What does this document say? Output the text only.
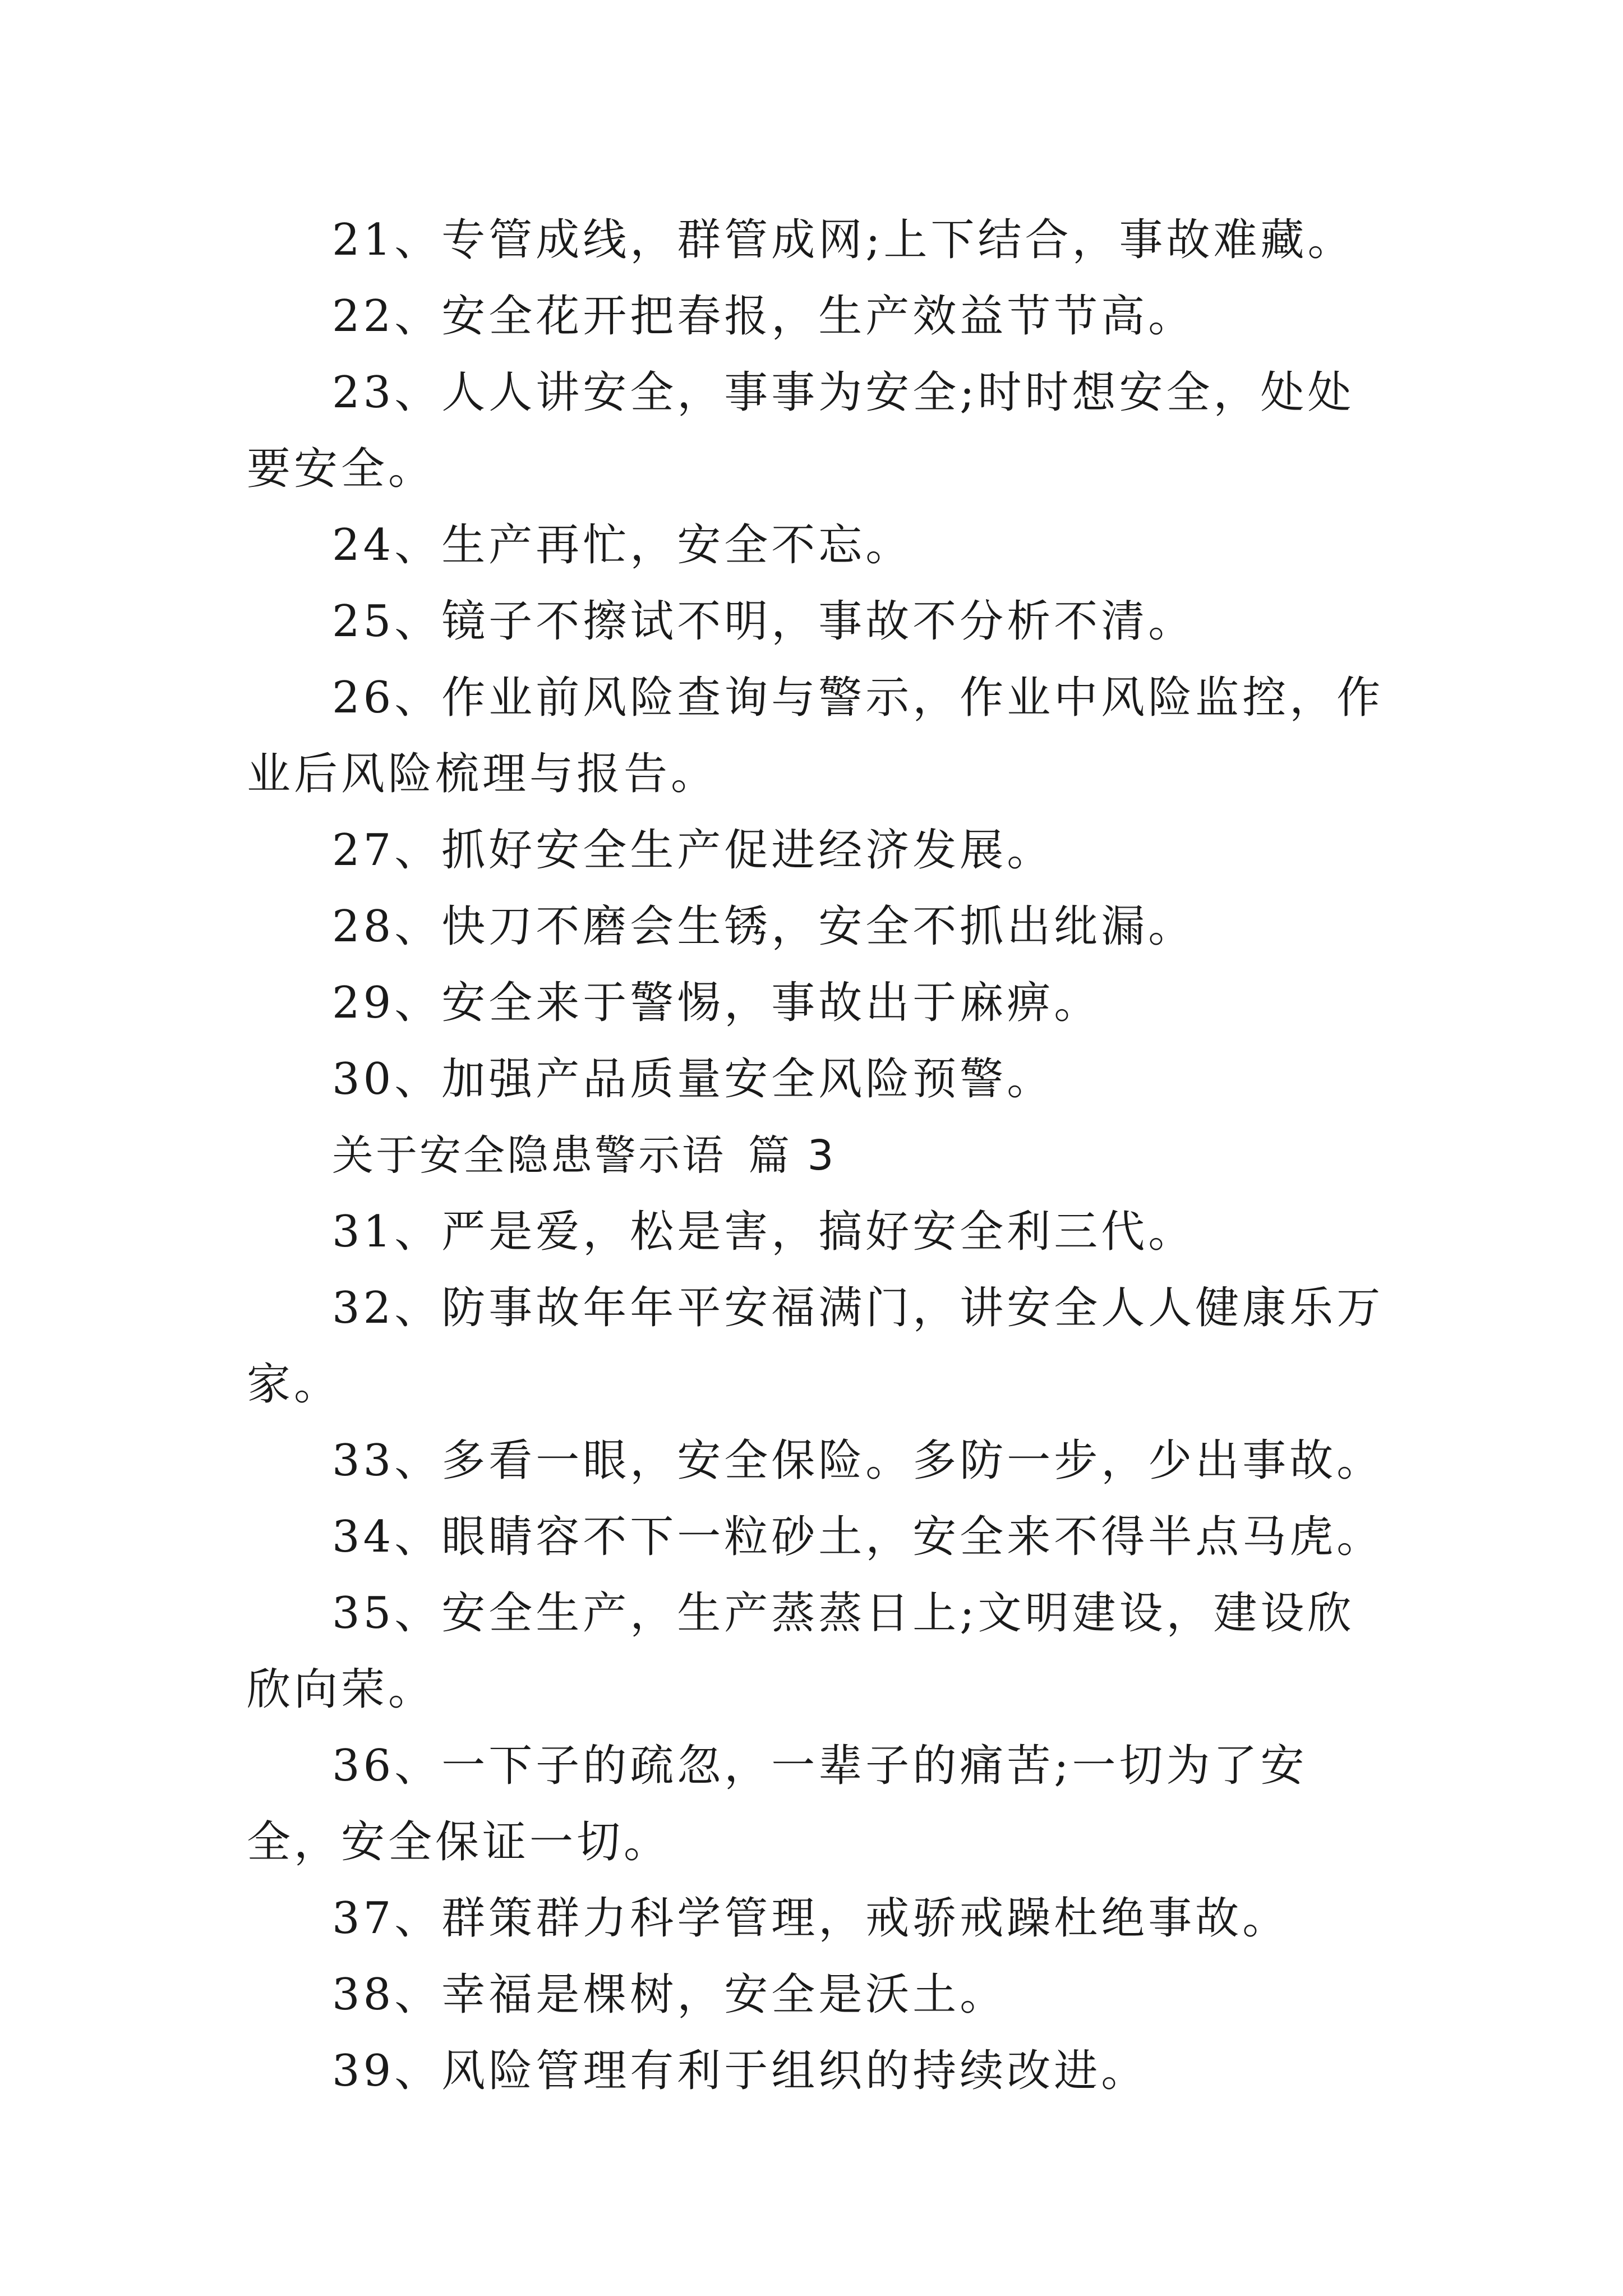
21、专管成线，群管成网;上下结合，事故难藏。

22、安全花开把春报，生产效益节节高。

23、人人讲安全，事事为安全;时时想安全，处处要安全。

24、生产再忙，安全不忘。

25、镜子不擦试不明，事故不分析不清。

26、作业前风险查询与警示，作业中风险监控，作业后风险梳理与报告。

27、抓好安全生产促进经济发展。

28、快刀不磨会生锈，安全不抓出纰漏。

29、安全来于警惕，事故出于麻痹。

30、加强产品质量安全风险预警。

关于安全隐患警示语 篇 3

31、严是爱，松是害，搞好安全利三代。

32、防事故年年平安福满门，讲安全人人健康乐万家。

33、多看一眼，安全保险。多防一步，少出事故。

34、眼睛容不下一粒砂土，安全来不得半点马虎。

35、安全生产，生产蒸蒸日上;文明建设，建设欣欣向荣。

36、一下子的疏忽，一辈子的痛苦;一切为了安全，安全保证一切。

37、群策群力科学管理，戒骄戒躁杜绝事故。

38、幸福是棵树，安全是沃土。

39、风险管理有利于组织的持续改进。
